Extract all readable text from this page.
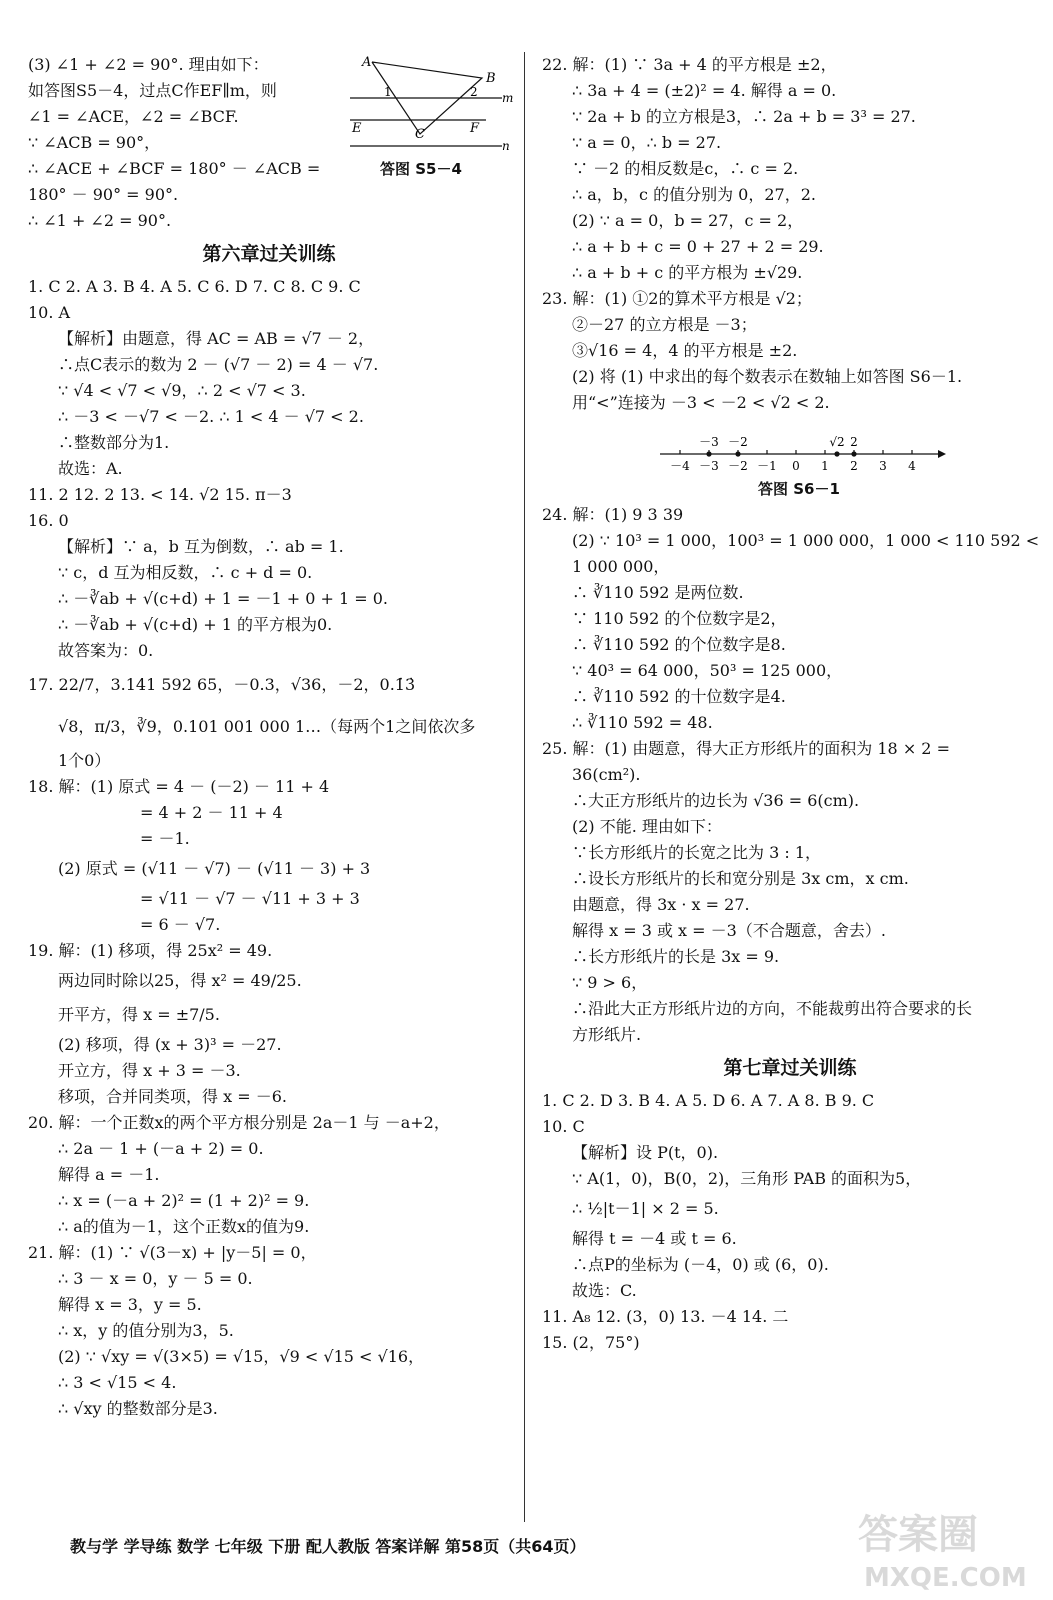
(3) ∠1 + ∠2 = 90°. 理由如下：
如答图S5－4，过点C作EF∥m，则
∠1 = ∠ACE，∠2 = ∠BCF.
∵ ∠ACB = 90°，
∴ ∠ACE + ∠BCF = 180° － ∠ACB =
180° － 90° = 90°.
∴ ∠1 + ∠2 = 90°.
A
B
1	2 m
E	C	F
n
答图 S5－4
第六章过关训练
1. C 2. A 3. B 4. A 5. C 6. D 7. C 8. C 9. C
10. A
【解析】由题意，得 AC = AB = √7 － 2，
∴点C表示的数为 2 － (√7 － 2) = 4 － √7.
∵ √4 < √7 < √9，∴ 2 < √7 < 3.
∴ －3 < －√7 < －2. ∴ 1 < 4 － √7 < 2.
∴整数部分为1.
故选：A.
11. 2 12. 2 13. < 14. √2 15. π－3
16. 0
【解析】∵ a，b 互为倒数，∴ ab = 1.
∵ c，d 互为相反数，∴ c + d = 0.
∴ －∛ab + √(c+d) + 1 = －1 + 0 + 1 = 0.
∴ －∛ab + √(c+d) + 1 的平方根为0.
故答案为：0.
17. 22/7，3.141 592 65，－0.3，√36，－2，0.1̇3̇
√8，π/3，∛9，0.101 001 000 1…（每两个1之间依次多
1个0）
18. 解：(1) 原式 = 4 － (－2) － 11 + 4
= 4 + 2 － 11 + 4
= －1.
(2) 原式 = (√11 － √7) － (√11 － 3) + 3
= √11 － √7 － √11 + 3 + 3
= 6 － √7.
19. 解：(1) 移项，得 25x² = 49.
两边同时除以25，得 x² = 49/25.
开平方，得 x = ±7/5.
(2) 移项，得 (x + 3)³ = －27.
开立方，得 x + 3 = －3.
移项，合并同类项，得 x = －6.
20. 解：一个正数x的两个平方根分别是 2a－1 与 －a+2，
∴ 2a － 1 + (－a + 2) = 0.
解得 a = －1.
∴ x = (－a + 2)² = (1 + 2)² = 9.
∴ a的值为－1，这个正数x的值为9.
21. 解：(1) ∵ √(3－x) + |y－5| = 0，
∴ 3 － x = 0，y － 5 = 0.
解得 x = 3，y = 5.
∴ x，y 的值分别为3，5.
(2) ∵ √xy = √(3×5) = √15，√9 < √15 < √16，
∴ 3 < √15 < 4.
∴ √xy 的整数部分是3.
22. 解：(1) ∵ 3a + 4 的平方根是 ±2，
∴ 3a + 4 = (±2)² = 4. 解得 a = 0.
∵ 2a + b 的立方根是3，∴ 2a + b = 3³ = 27.
∵ a = 0，∴ b = 27.
∵ －2 的相反数是c，∴ c = 2.
∴ a，b，c 的值分别为 0，27，2.
(2) ∵ a = 0，b = 27，c = 2，
∴ a + b + c = 0 + 27 + 2 = 29.
∴ a + b + c 的平方根为 ±√29.
23. 解：(1) ①2的算术平方根是 √2；
②－27 的立方根是 －3；
③√16 = 4，4 的平方根是 ±2.
(2) 将 (1) 中求出的每个数表示在数轴上如答图 S6－1.
用“<”连接为 －3 < －2 < √2 < 2.
－4 －3 －2 －1 0 1 2 3 4
－3 －2	√2 2
答图 S6－1
24. 解：(1) 9 3 39
(2) ∵ 10³ = 1 000，100³ = 1 000 000，1 000 < 110 592 <
1 000 000，
∴ ∛110 592 是两位数.
∵ 110 592 的个位数字是2，
∴ ∛110 592 的个位数字是8.
∵ 40³ = 64 000，50³ = 125 000，
∴ ∛110 592 的十位数字是4.
∴ ∛110 592 = 48.
25. 解：(1) 由题意，得大正方形纸片的面积为 18 × 2 =
36(cm²).
∴大正方形纸片的边长为 √36 = 6(cm).
(2) 不能. 理由如下：
∵长方形纸片的长宽之比为 3 : 1，
∴设长方形纸片的长和宽分别是 3x cm，x cm.
由题意，得 3x · x = 27.
解得 x = 3 或 x = －3（不合题意，舍去）.
∴长方形纸片的长是 3x = 9.
∵ 9 > 6，
∴沿此大正方形纸片边的方向，不能裁剪出符合要求的长
方形纸片.
第七章过关训练
1. C 2. D 3. B 4. A 5. D 6. A 7. A 8. B 9. C
10. C
【解析】设 P(t，0).
∵ A(1，0)，B(0，2)，三角形 PAB 的面积为5，
∴ ½|t－1| × 2 = 5.
解得 t = －4 或 t = 6.
∴点P的坐标为 (－4，0) 或 (6，0).
故选：C.
11. A₈ 12. (3，0) 13. －4 14. 二
15. (2，75°)
教与学 学导练 数学 七年级 下册 配人教版 答案详解 第58页（共64页）	答案圈
MXQE.COM
